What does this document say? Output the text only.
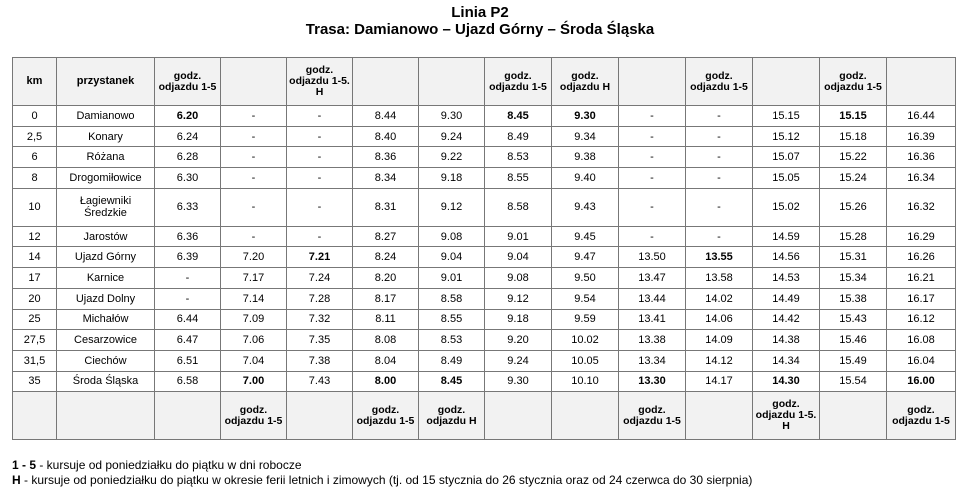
Linia P2
Trasa: Damianowo – Ujazd Górny – Środa Śląska
km	przystanek	godz. odjazdu 1-5		godz. odjazdu 1-5. H			godz. odjazdu 1-5	godz. odjazdu H		godz. odjazdu 1-5		godz. odjazdu 1-5	
0	Damianowo	6.20	-	-	8.44	9.30	8.45	9.30	-	-	15.15	15.15	16.44
2,5	Konary	6.24	-	-	8.40	9.24	8.49	9.34	-	-	15.12	15.18	16.39
6	Różana	6.28	-	-	8.36	9.22	8.53	9.38	-	-	15.07	15.22	16.36
8	Drogomiłowice	6.30	-	-	8.34	9.18	8.55	9.40	-	-	15.05	15.24	16.34
10	Łagiewniki Średzkie	6.33	-	-	8.31	9.12	8.58	9.43	-	-	15.02	15.26	16.32
12	Jarostów	6.36	-	-	8.27	9.08	9.01	9.45	-	-	14.59	15.28	16.29
14	Ujazd Górny	6.39	7.20	7.21	8.24	9.04	9.04	9.47	13.50	13.55	14.56	15.31	16.26
17	Karnice	-	7.17	7.24	8.20	9.01	9.08	9.50	13.47	13.58	14.53	15.34	16.21
20	Ujazd Dolny	-	7.14	7.28	8.17	8.58	9.12	9.54	13.44	14.02	14.49	15.38	16.17
25	Michałów	6.44	7.09	7.32	8.11	8.55	9.18	9.59	13.41	14.06	14.42	15.43	16.12
27,5	Cesarzowice	6.47	7.06	7.35	8.08	8.53	9.20	10.02	13.38	14.09	14.38	15.46	16.08
31,5	Ciechów	6.51	7.04	7.38	8.04	8.49	9.24	10.05	13.34	14.12	14.34	15.49	16.04
35	Środa Śląska	6.58	7.00	7.43	8.00	8.45	9.30	10.10	13.30	14.17	14.30	15.54	16.00
			godz. odjazdu 1-5		godz. odjazdu 1-5	godz. odjazdu H			godz. odjazdu 1-5		godz. odjazdu 1-5. H		godz. odjazdu 1-5
1 - 5 - kursuje od poniedziałku do piątku w dni robocze
H - kursuje od poniedziałku do piątku w okresie ferii letnich i zimowych (tj. od 15 stycznia do 26 stycznia oraz od 24 czerwca do 30 sierpnia)
